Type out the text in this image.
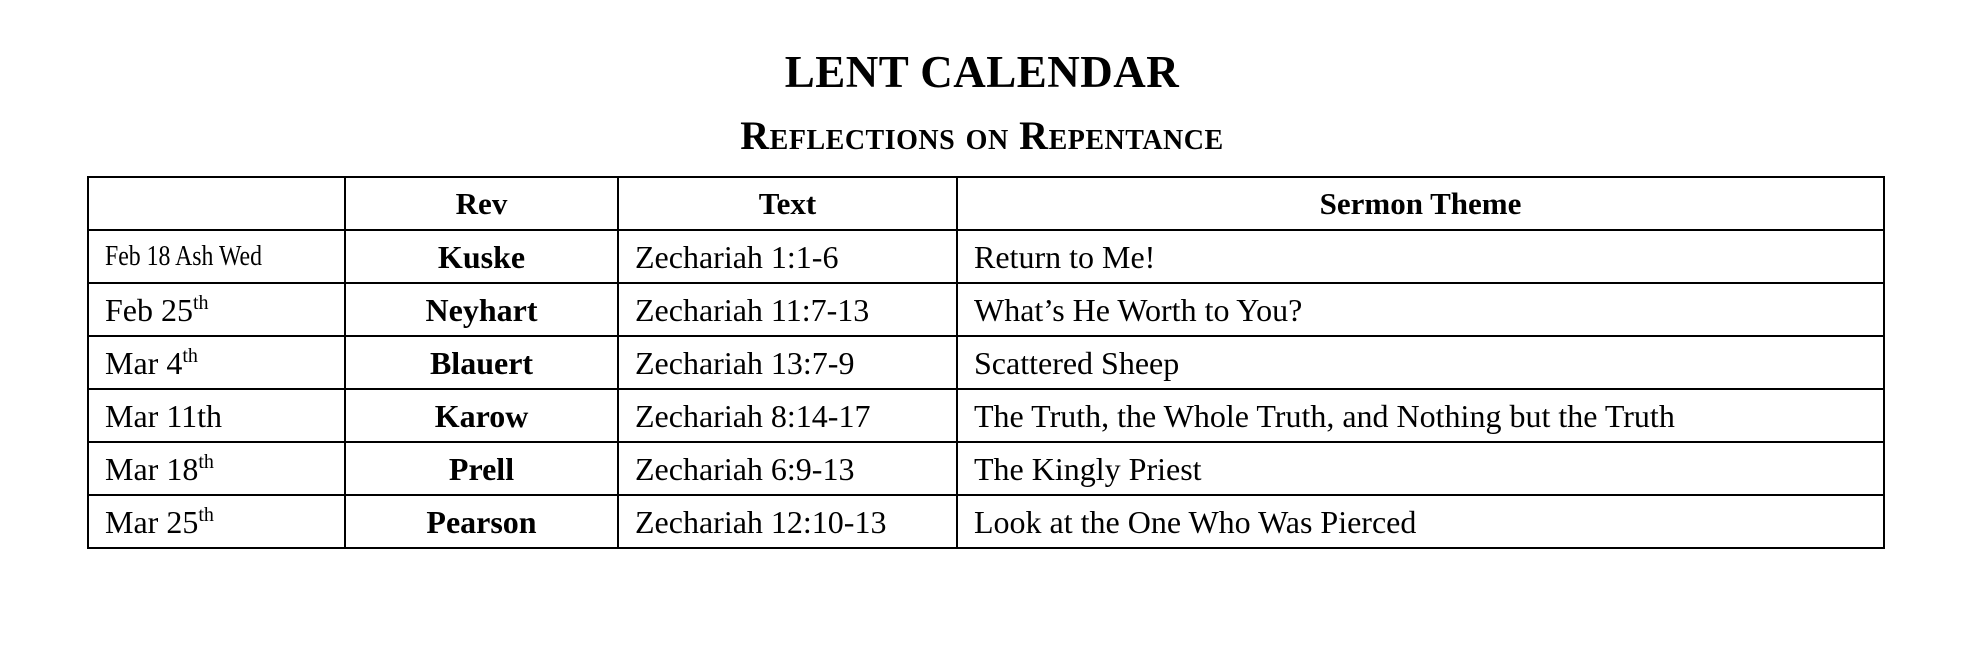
LENT CALENDAR
Reflections on Repentance
	Rev	Text	Sermon Theme
Feb 18 Ash Wed	Kuske	Zechariah 1:1-6	Return to Me!
Feb 25th	Neyhart	Zechariah 11:7-13	What’s He Worth to You?
Mar 4th	Blauert	Zechariah 13:7-9	Scattered Sheep
Mar 11th	Karow	Zechariah 8:14-17	The Truth, the Whole Truth, and Nothing but the Truth
Mar 18th	Prell	Zechariah 6:9-13	The Kingly Priest
Mar 25th	Pearson	Zechariah 12:10-13	Look at the One Who Was Pierced
